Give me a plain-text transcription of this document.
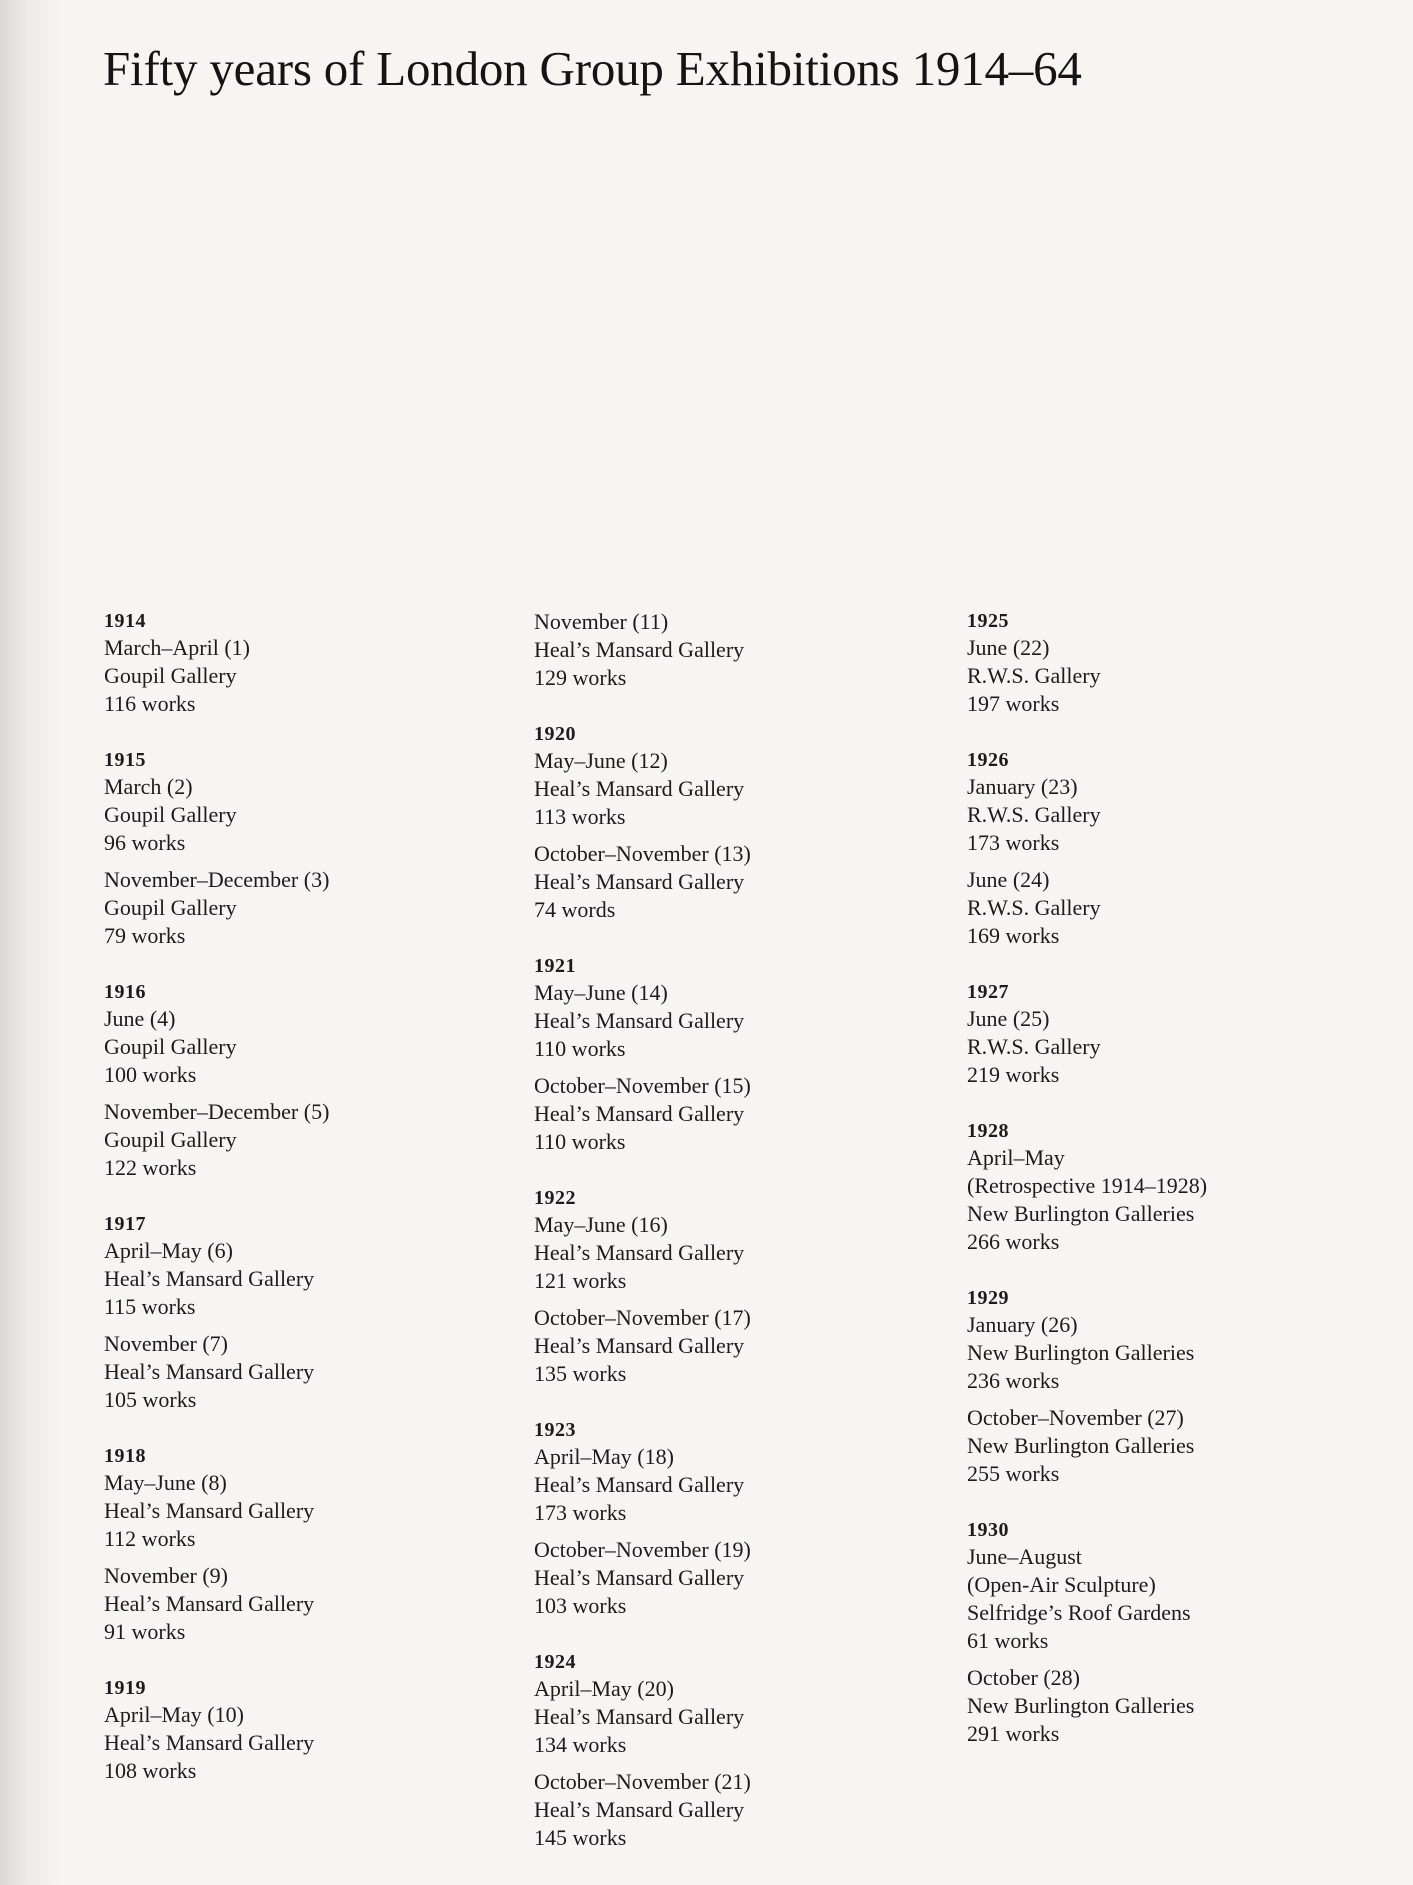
Fifty years of London Group Exhibitions 1914–64
1914
March–April (1)
Goupil Gallery
116 works
1915
March (2)
Goupil Gallery
96 works
November–December (3)
Goupil Gallery
79 works
1916
June (4)
Goupil Gallery
100 works
November–December (5)
Goupil Gallery
122 works
1917
April–May (6)
Heal’s Mansard Gallery
115 works
November (7)
Heal’s Mansard Gallery
105 works
1918
May–June (8)
Heal’s Mansard Gallery
112 works
November (9)
Heal’s Mansard Gallery
91 works
1919
April–May (10)
Heal’s Mansard Gallery
108 works
November (11)
Heal’s Mansard Gallery
129 works
1920
May–June (12)
Heal’s Mansard Gallery
113 works
October–November (13)
Heal’s Mansard Gallery
74 words
1921
May–June (14)
Heal’s Mansard Gallery
110 works
October–November (15)
Heal’s Mansard Gallery
110 works
1922
May–June (16)
Heal’s Mansard Gallery
121 works
October–November (17)
Heal’s Mansard Gallery
135 works
1923
April–May (18)
Heal’s Mansard Gallery
173 works
October–November (19)
Heal’s Mansard Gallery
103 works
1924
April–May (20)
Heal’s Mansard Gallery
134 works
October–November (21)
Heal’s Mansard Gallery
145 works
1925
June (22)
R.W.S. Gallery
197 works
1926
January (23)
R.W.S. Gallery
173 works
June (24)
R.W.S. Gallery
169 works
1927
June (25)
R.W.S. Gallery
219 works
1928
April–May
(Retrospective 1914–1928)
New Burlington Galleries
266 works
1929
January (26)
New Burlington Galleries
236 works
October–November (27)
New Burlington Galleries
255 works
1930
June–August
(Open-Air Sculpture)
Selfridge’s Roof Gardens
61 works
October (28)
New Burlington Galleries
291 works
